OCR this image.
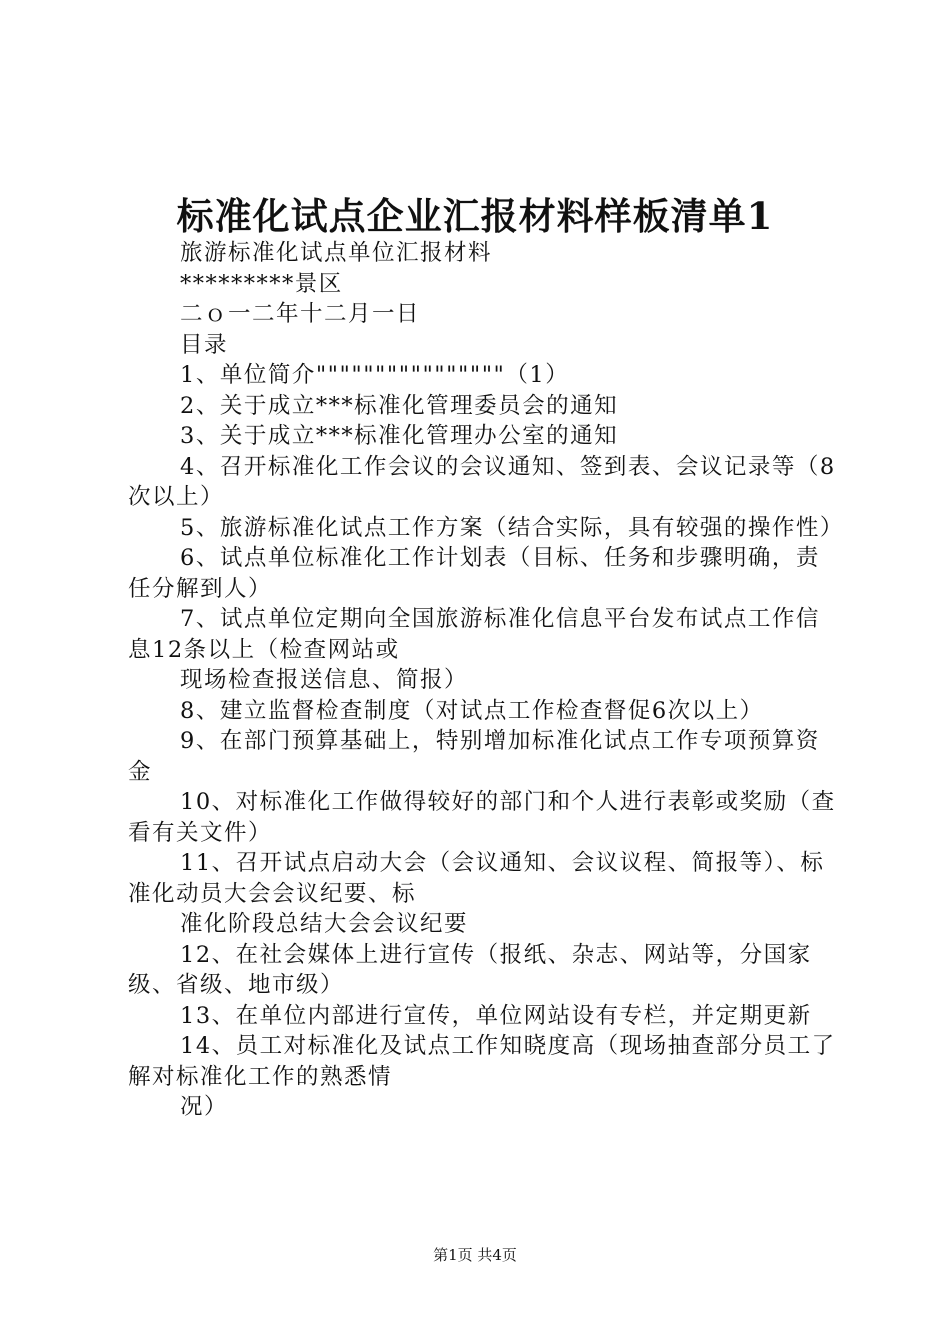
标准化试点企业汇报材料样板清单1

旅游标准化试点单位汇报材料

*********景区

二ｏ一二年十二月一日

目录

1、单位简介""""""""""""""""（1）

2、关于成立***标准化管理委员会的通知

3、关于成立***标准化管理办公室的通知

4、召开标准化工作会议的会议通知、签到表、会议记录等（8次以上）

5、旅游标准化试点工作方案（结合实际，具有较强的操作性）

6、试点单位标准化工作计划表（目标、任务和步骤明确，责任分解到人）

7、试点单位定期向全国旅游标准化信息平台发布试点工作信息12条以上（检查网站或

现场检查报送信息、简报）

8、建立监督检查制度（对试点工作检查督促6次以上）

9、在部门预算基础上，特别增加标准化试点工作专项预算资金

10、对标准化工作做得较好的部门和个人进行表彰或奖励（查看有关文件）

11、召开试点启动大会（会议通知、会议议程、简报等）、标准化动员大会会议纪要、标

准化阶段总结大会会议纪要

12、在社会媒体上进行宣传（报纸、杂志、网站等，分国家级、省级、地市级）

13、在单位内部进行宣传，单位网站设有专栏，并定期更新

14、员工对标准化及试点工作知晓度高（现场抽查部分员工了解对标准化工作的熟悉情

况）

第1页 共4页
